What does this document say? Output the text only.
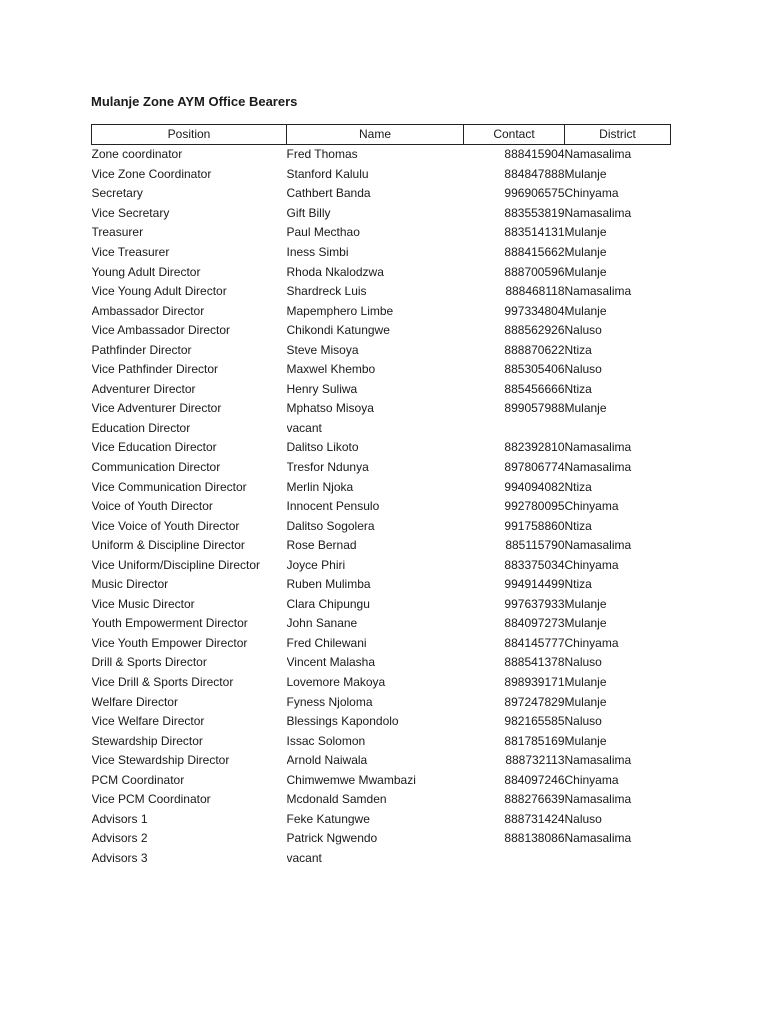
Mulanje Zone AYM Office Bearers
Position	Name	Contact	District
Zone coordinator	Fred Thomas	888415904	Namasalima
Vice Zone Coordinator	Stanford Kalulu	884847888	Mulanje
Secretary	Cathbert Banda	996906575	Chinyama
Vice Secretary	Gift Billy	883553819	Namasalima
Treasurer	Paul Mecthao	883514131	Mulanje
Vice Treasurer	Iness Simbi	888415662	Mulanje
Young Adult Director	Rhoda Nkalodzwa	888700596	Mulanje
Vice Young Adult Director	Shardreck Luis	888468118	Namasalima
Ambassador Director	Mapemphero Limbe	997334804	Mulanje
Vice Ambassador Director	Chikondi Katungwe	888562926	Naluso
Pathfinder Director	Steve Misoya	888870622	Ntiza
Vice Pathfinder Director	Maxwel Khembo	885305406	Naluso
Adventurer Director	Henry Suliwa	885456666	Ntiza
Vice Adventurer Director	Mphatso Misoya	899057988	Mulanje
Education Director	vacant		
Vice Education Director	Dalitso Likoto	882392810	Namasalima
Communication Director	Tresfor Ndunya	897806774	Namasalima
Vice Communication Director	Merlin Njoka	994094082	Ntiza
Voice of Youth Director	Innocent Pensulo	992780095	Chinyama
Vice Voice of Youth Director	Dalitso Sogolera	991758860	Ntiza
Uniform & Discipline Director	Rose Bernad	885115790	Namasalima
Vice Uniform/Discipline Director	Joyce Phiri	883375034	Chinyama
Music Director	Ruben Mulimba	994914499	Ntiza
Vice Music Director	Clara Chipungu	997637933	Mulanje
Youth Empowerment Director	John Sanane	884097273	Mulanje
Vice Youth Empower Director	Fred Chilewani	884145777	Chinyama
Drill & Sports Director	Vincent Malasha	888541378	Naluso
Vice Drill & Sports Director	Lovemore Makoya	898939171	Mulanje
Welfare Director	Fyness Njoloma	897247829	Mulanje
Vice Welfare Director	Blessings Kapondolo	982165585	Naluso
Stewardship Director	Issac Solomon	881785169	Mulanje
Vice Stewardship Director	Arnold Naiwala	888732113	Namasalima
PCM Coordinator	Chimwemwe Mwambazi	884097246	Chinyama
Vice PCM Coordinator	Mcdonald Samden	888276639	Namasalima
Advisors 1	Feke Katungwe	888731424	Naluso
Advisors 2	Patrick Ngwendo	888138086	Namasalima
Advisors 3	vacant		
